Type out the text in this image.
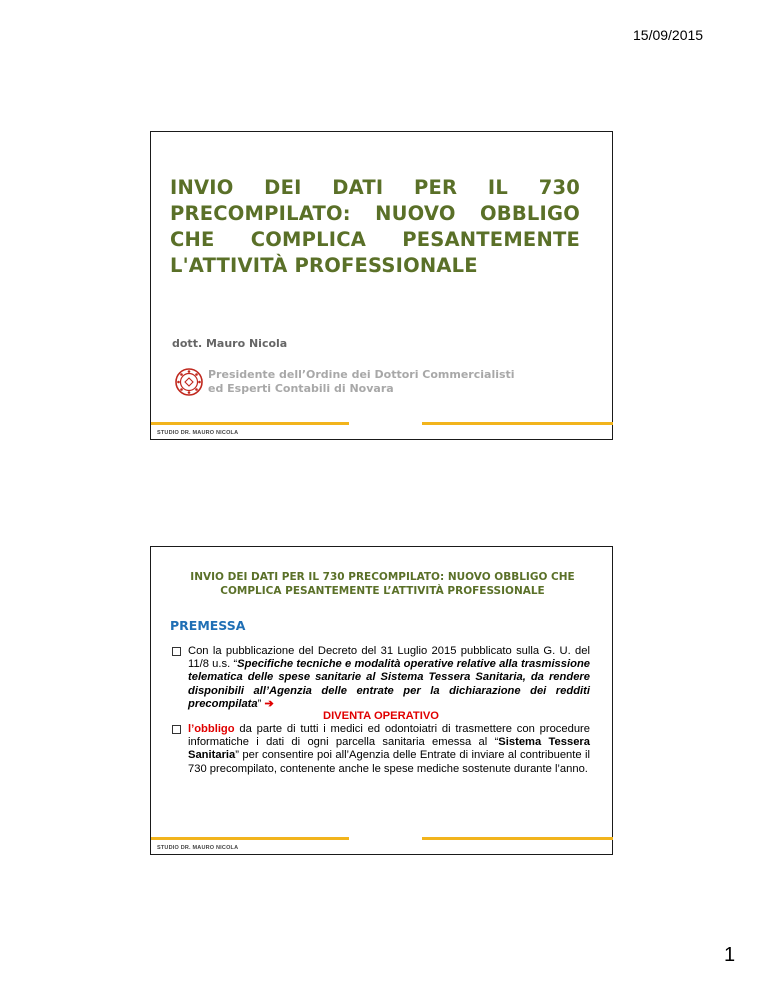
15/09/2015
INVIO DEI DATI PER IL 730
PRECOMPILATO: NUOVO OBBLIGO
CHE COMPLICA PESANTEMENTE
L'ATTIVITÀ PROFESSIONALE
dott. Mauro Nicola
Presidente dell’Ordine dei Dottori Commercialisti
ed Esperti Contabili di Novara
STUDIO DR. MAURO NICOLA
INVIO DEI DATI PER IL 730 PRECOMPILATO: NUOVO OBBLIGO CHE
COMPLICA PESANTEMENTE L’ATTIVITÀ PROFESSIONALE
PREMESSA
Con la pubblicazione del Decreto del 31 Luglio 2015 pubblicato sulla G. U. del 11/8 u.s. “Specifiche tecniche e modalità operative relative alla trasmissione telematica delle spese sanitarie al Sistema Tessera Sanitaria, da rendere disponibili all’Agenzia delle entrate per la dichiarazione dei redditi precompilata” ➔
DIVENTA OPERATIVO
l’obbligo da parte di tutti i medici ed odontoiatri di trasmettere con procedure informatiche i dati di ogni parcella sanitaria emessa al “Sistema Tessera Sanitaria” per consentire poi all’Agenzia delle Entrate di inviare al contribuente il 730 precompilato, contenente anche le spese mediche sostenute durante l’anno.
STUDIO DR. MAURO NICOLA
1
